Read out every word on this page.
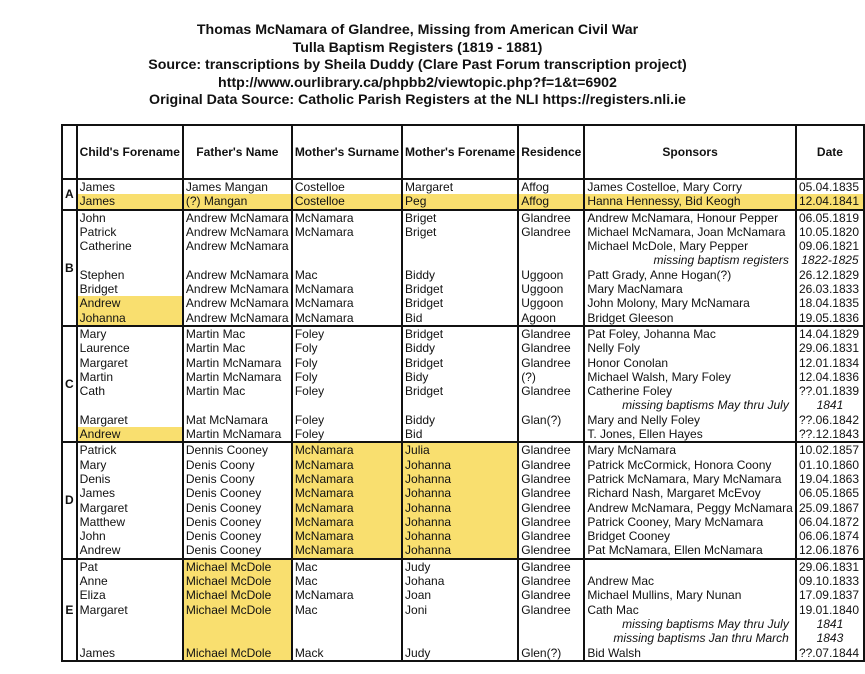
Thomas McNamara of Glandree, Missing from American Civil War
Tulla Baptism Registers (1819 - 1881)
Source: transcriptions by Sheila Duddy (Clare Past Forum transcription project)
http://www.ourlibrary.ca/phpbb2/viewtopic.php?f=1&t=6902
Original Data Source: Catholic Parish Registers at the NLI https://registers.nli.ie
	Child's Forename	Father's Name	Mother's Surname	Mother's Forename	Residence	Sponsors	Date
A	James	James Mangan	Costelloe	Margaret	Affog	James Costelloe, Mary Corry	05.04.1835
	James	(?) Mangan	Costelloe	Peg	Affog	Hanna Hennessy, Bid Keogh	12.04.1841
B	John	Andrew McNamara	McNamara	Briget	Glandree	Andrew McNamara, Honour Pepper	06.05.1819
	Patrick	Andrew McNamara	McNamara	Briget	Glandree	Michael McNamara, Joan McNamara	10.05.1820
	Catherine	Andrew McNamara				Michael McDole, Mary Pepper	09.06.1821
						missing baptism registers	1822-1825
	Stephen	Andrew McNamara	Mac	Biddy	Uggoon	Patt Grady, Anne Hogan(?)	26.12.1829
	Bridget	Andrew McNamara	McNamara	Bridget	Uggoon	Mary MacNamara	26.03.1833
	Andrew	Andrew McNamara	McNamara	Bridget	Uggoon	John Molony, Mary McNamara	18.04.1835
	Johanna	Andrew McNamara	McNamara	Bid	Agoon	Bridget Gleeson	19.05.1836
C	Mary	Martin Mac	Foley	Bridget	Glandree	Pat Foley, Johanna Mac	14.04.1829
	Laurence	Martin Mac	Foly	Biddy	Glandree	Nelly Foly	29.06.1831
	Margaret	Martin McNamara	Foly	Bridget	Glandree	Honor Conolan	12.01.1834
	Martin	Martin McNamara	Foly	Bidy	(?)	Michael Walsh, Mary Foley	12.04.1836
	Cath	Martin Mac	Foley	Bridget	Glandree	Catherine Foley	??.01.1839
						missing baptisms May thru July	1841
	Margaret	Mat McNamara	Foley	Biddy	Glan(?)	Mary and Nelly Foley	??.06.1842
	Andrew	Martin McNamara	Foley	Bid		T. Jones, Ellen Hayes	??.12.1843
D	Patrick	Dennis Cooney	McNamara	Julia	Glandree	Mary McNamara	10.02.1857
	Mary	Denis Coony	McNamara	Johanna	Glandree	Patrick McCormick, Honora Coony	01.10.1860
	Denis	Denis Coony	McNamara	Johanna	Glandree	Patrick McNamara, Mary McNamara	19.04.1863
	James	Denis Cooney	McNamara	Johanna	Glandree	Richard Nash, Margaret McEvoy	06.05.1865
	Margaret	Denis Cooney	McNamara	Johanna	Glendree	Andrew McNamara, Peggy McNamara	25.09.1867
	Matthew	Denis Cooney	McNamara	Johanna	Glandree	Patrick Cooney, Mary McNamara	06.04.1872
	John	Denis Cooney	McNamara	Johanna	Glandree	Bridget Cooney	06.06.1874
	Andrew	Denis Cooney	McNamara	Johanna	Glendree	Pat McNamara, Ellen McNamara	12.06.1876
E	Pat	Michael McDole	Mac	Judy	Glandree		29.06.1831
	Anne	Michael McDole	Mac	Johana	Glandree	Andrew Mac	09.10.1833
	Eliza	Michael McDole	McNamara	Joan	Glandree	Michael Mullins, Mary Nunan	17.09.1837
	Margaret	Michael McDole	Mac	Joni	Glandree	Cath Mac	19.01.1840
						missing baptisms May thru July	1841
						missing baptisms Jan thru March	1843
	James	Michael McDole	Mack	Judy	Glen(?)	Bid Walsh	??.07.1844
